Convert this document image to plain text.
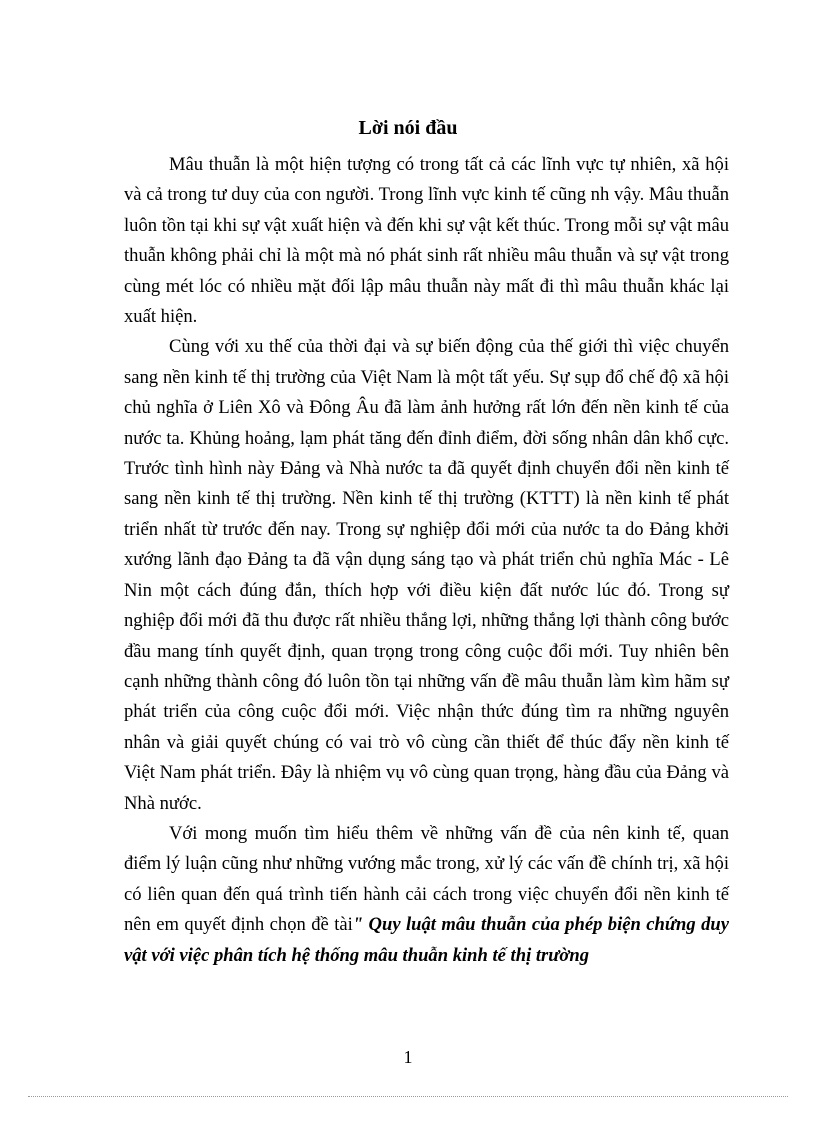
Lời nói đầu

Mâu thuẫn là một hiện tượng có trong tất cả các lĩnh vực tự nhiên, xã hội và cả trong tư duy của con người. Trong lĩnh vực kinh tế cũng nh vậy. Mâu thuẫn luôn tồn tại khi sự vật xuất hiện và đến khi sự vật kết thúc. Trong mỗi sự vật mâu thuẫn không phải chỉ là một mà nó phát sinh rất nhiều mâu thuẫn và sự vật trong cùng mét lóc có nhiều mặt đối lập mâu thuẫn này mất đi thì mâu thuẫn khác lại xuất hiện.

Cùng với xu thế của thời đại và sự biến động của thế giới thì việc chuyển sang nền kinh tế thị trường của Việt Nam là một tất yếu. Sự sụp đổ chế độ xã hội chủ nghĩa ở Liên Xô và Đông Âu đã làm ảnh hưởng rất lớn đến nền kinh tế của nước ta. Khủng hoảng, lạm phát tăng đến đỉnh điểm, đời sống nhân dân khổ cực. Trước tình hình này Đảng và Nhà nước ta đã quyết định chuyển đổi nền kinh tế sang nền kinh tế thị trường. Nền kinh tế thị trường (KTTT) là nền kinh tế phát triển nhất từ trước đến nay. Trong sự nghiệp đổi mới của nước ta do Đảng khởi xướng lãnh đạo Đảng ta đã vận dụng sáng tạo và phát triển chủ nghĩa Mác - Lê Nin một cách đúng đắn, thích hợp với điều kiện đất nước lúc đó. Trong sự nghiệp đổi mới đã thu được rất nhiều thắng lợi, những thắng lợi thành công bước đầu mang tính quyết định, quan trọng trong công cuộc đổi mới. Tuy nhiên bên cạnh những thành công đó luôn tồn tại những vấn đề mâu thuẫn làm kìm hãm sự phát triển của công cuộc đổi mới. Việc nhận thức đúng tìm ra những nguyên nhân và giải quyết chúng có vai trò vô cùng cần thiết để thúc đẩy nền kinh tế Việt Nam phát triển. Đây là nhiệm vụ vô cùng quan trọng, hàng đầu của Đảng và Nhà nước.

Với mong muốn tìm hiểu thêm về những vấn đề của nên kinh tế, quan điểm lý luận cũng như những vướng mắc trong, xử lý các vấn đề chính trị, xã hội có liên quan đến quá trình tiến hành cải cách trong việc chuyển đổi nền kinh tế nên em quyết định chọn đề tài" Quy luật mâu thuẫn của phép biện chứng duy vật với việc phân tích hệ thống mâu thuẫn kinh tế thị trường

1
